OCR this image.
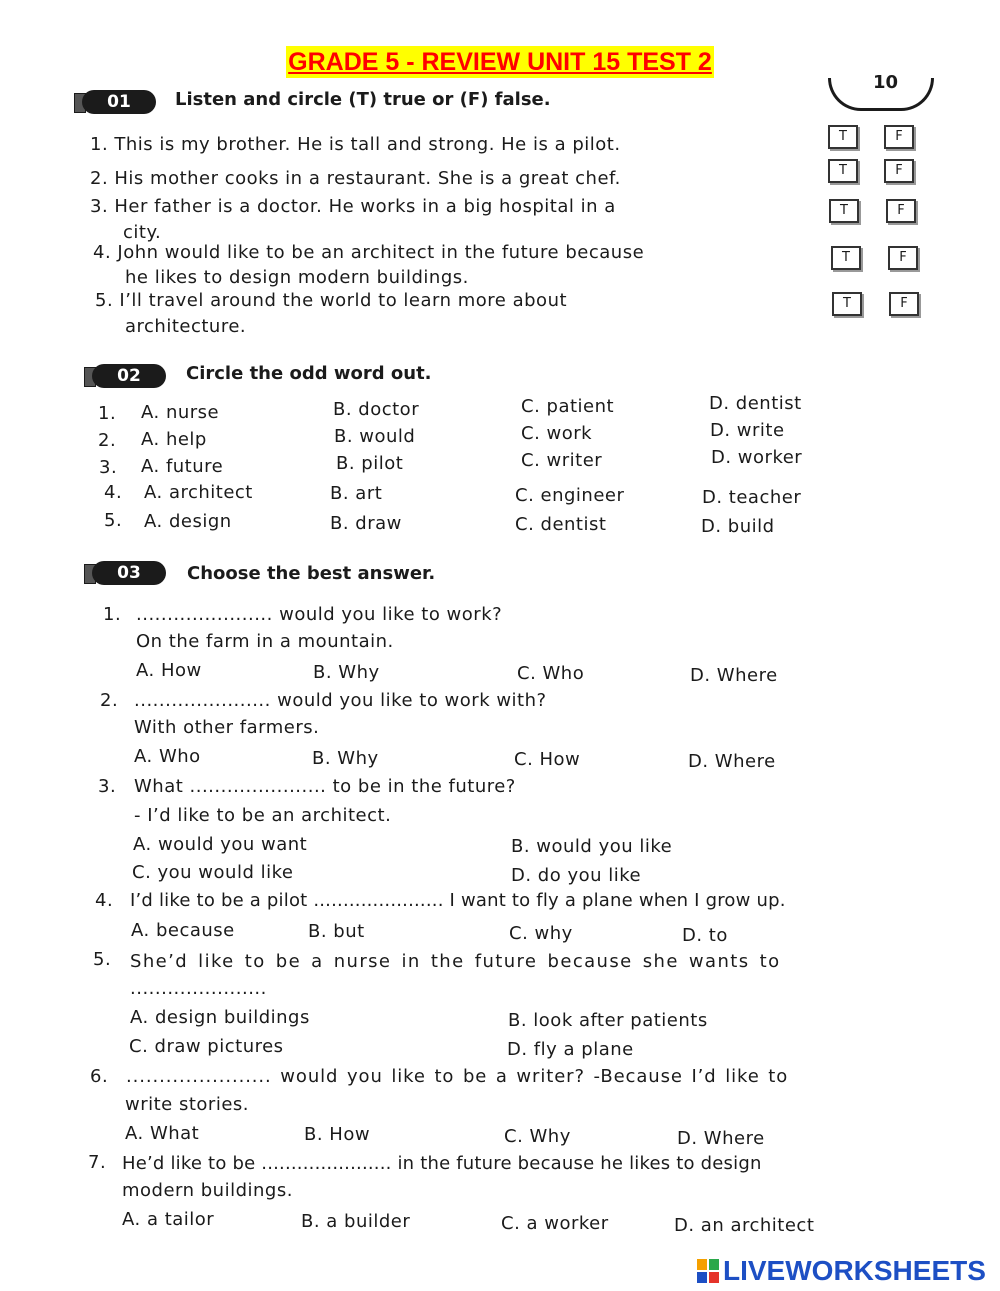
GRADE 5 - REVIEW UNIT 15 TEST 2
10
01	Listen and circle (T) true or (F) false.
1. This is my brother. He is tall and strong. He is a pilot.
2. His mother cooks in a restaurant. She is a great chef.
3. Her father is a doctor. He works in a big hospital in a
city.
4. John would like to be an architect in the future because
he likes to design modern buildings.
5. I’ll travel around the world to learn more about
architecture.
T	F
T	F
T	F
T	F
T	F
02	Circle the odd word out.
1. A. nurse	B. doctor	C. patient	D. dentist
2. A. help	B. would	C. work	D. write
3. A. future	B. pilot	C. writer	D. worker
4. A. architect	B. art	C. engineer	D. teacher
5. A. design	B. draw	C. dentist	D. build
03	Choose the best answer.
1. ...................... would you like to work?
On the farm in a mountain.
A. How	B. Why	C. Who	D. Where
2. ...................... would you like to work with?
With other farmers.
A. Who	B. Why	C. How	D. Where
3. What ...................... to be in the future?
- I’d like to be an architect.
A. would you want	B. would you like
C. you would like	D. do you like
4. I’d like to be a pilot ...................... I want to fly a plane when I grow up.
A. because	B. but	C. why	D. to
5. She’d like to be a nurse in the future because she wants to
......................
A. design buildings	B. look after patients
C. draw pictures	D. fly a plane
6. ...................... would you like to be a writer? -Because I’d like to
write stories.
A. What	B. How	C. Why	D. Where
7. He’d like to be ...................... in the future because he likes to design
modern buildings.
A. a tailor	B. a builder	C. a worker	D. an architect
LIVEWORKSHEETS
